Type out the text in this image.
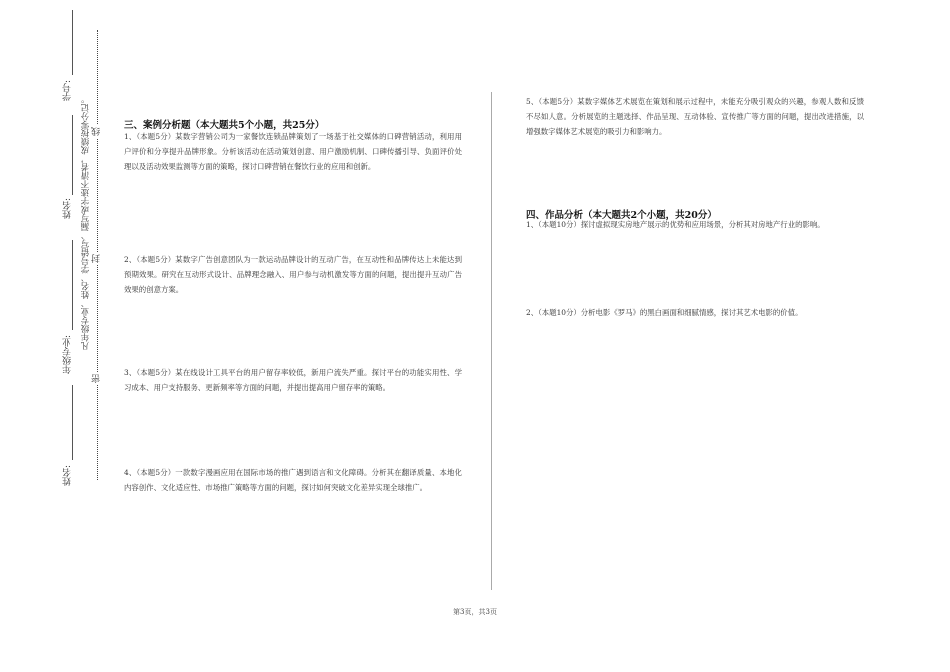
学号:
姓名:
年级专业:
姓名:
凡年级专业、姓名、学号错写、漏写或字迹不清者，成绩按零分记。 线
封
密
三、案例分析题（本大题共5个小题，共25分）
1、（本题5分）某数字营销公司为一家餐饮连锁品牌策划了一场基于社交媒体的口碑营销活动，利用用户评价和分享提升品牌形象。分析该活动在活动策划创意、用户激励机制、口碑传播引导、负面评价处理以及活动效果监测等方面的策略，探讨口碑营销在餐饮行业的应用和创新。
2、（本题5分）某数字广告创意团队为一款运动品牌设计的互动广告，在互动性和品牌传达上未能达到预期效果。研究在互动形式设计、品牌理念融入、用户参与动机激发等方面的问题，提出提升互动广告效果的创意方案。
3、（本题5分）某在线设计工具平台的用户留存率较低，新用户流失严重。探讨平台的功能实用性、学习成本、用户支持服务、更新频率等方面的问题，并提出提高用户留存率的策略。
4、（本题5分）一款数字漫画应用在国际市场的推广遇到语言和文化障碍。分析其在翻译质量、本地化内容创作、文化适应性、市场推广策略等方面的问题，探讨如何突破文化差异实现全球推广。
5、（本题5分）某数字媒体艺术展览在策划和展示过程中，未能充分吸引观众的兴趣，参观人数和反馈不尽如人意。分析展览的主题选择、作品呈现、互动体验、宣传推广等方面的问题，提出改进措施，以增强数字媒体艺术展览的吸引力和影响力。
四、作品分析（本大题共2个小题，共20分）
1、（本题10分）探讨虚拟现实房地产展示的优势和应用场景，分析其对房地产行业的影响。
2、（本题10分）分析电影《罗马》的黑白画面和细腻情感，探讨其艺术电影的价值。
第3页，共3页
